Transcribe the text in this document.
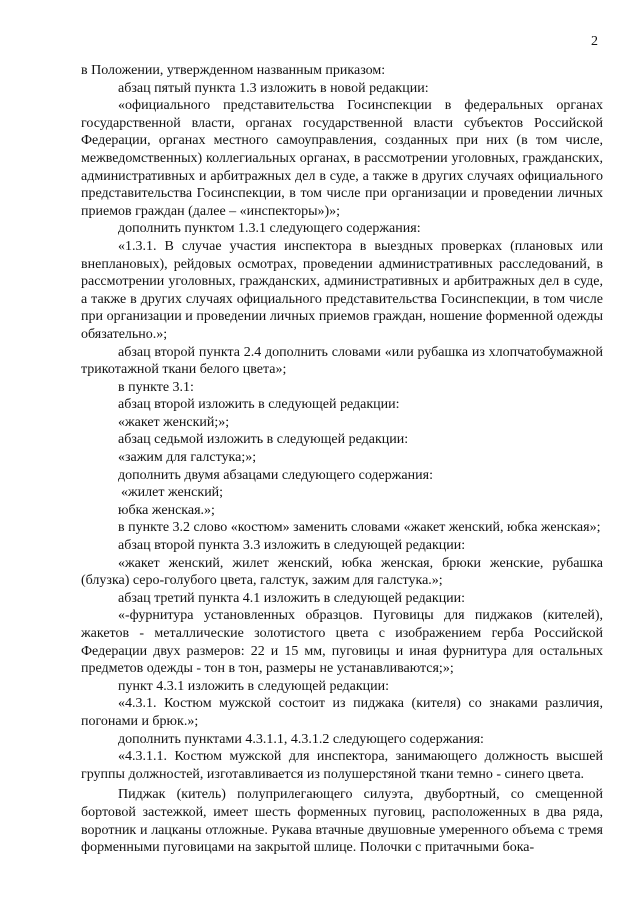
2

в Положении, утвержденном названным приказом:

абзац пятый пункта 1.3 изложить в новой редакции:

«официального представительства Госинспекции в федеральных органах государственной власти, органах государственной власти субъектов Российской Федерации, органах местного самоуправления, созданных при них (в том числе, межведомственных) коллегиальных органах, в рассмотрении уголовных, гражданских, административных и арбитражных дел в суде, а также в других случаях официального представительства Госинспекции, в том числе при организации и проведении личных приемов граждан (далее – «инспекторы»)»;

дополнить пунктом 1.3.1 следующего содержания:

«1.3.1. В случае участия инспектора в выездных проверках (плановых или внеплановых), рейдовых осмотрах, проведении административных расследований, в рассмотрении уголовных, гражданских, административных и арбитражных дел в суде, а также в других случаях официального представительства Госинспекции, в том числе при организации и проведении личных приемов граждан, ношение форменной одежды обязательно.»;

абзац второй пункта 2.4 дополнить словами «или рубашка из хлопчатобумажной трикотажной ткани белого цвета»;

в пункте 3.1:

абзац второй изложить в следующей редакции:

«жакет женский;»;

абзац седьмой изложить в следующей редакции:

«зажим для галстука;»;

дополнить двумя абзацами следующего содержания:

«жилет женский;

юбка женская.»;

в пункте 3.2 слово «костюм» заменить словами «жакет женский, юбка женская»;

абзац второй пункта 3.3 изложить в следующей редакции:

«жакет женский, жилет женский, юбка женская, брюки женские, рубашка (блузка) серо-голубого цвета, галстук, зажим для галстука.»;

абзац третий пункта 4.1 изложить в следующей редакции:

«-фурнитура установленных образцов. Пуговицы для пиджаков (кителей), жакетов - металлические золотистого цвета с изображением герба Российской Федерации двух размеров: 22 и 15 мм, пуговицы и иная фурнитура для остальных предметов одежды - тон в тон, размеры не устанавливаются;»;

пункт 4.3.1 изложить в следующей редакции:

«4.3.1. Костюм мужской состоит из пиджака (кителя) со знаками различия, погонами и брюк.»;

дополнить пунктами 4.3.1.1, 4.3.1.2 следующего содержания:

«4.3.1.1. Костюм мужской для инспектора, занимающего должность высшей группы должностей, изготавливается из полушерстяной ткани темно - синего цвета.

Пиджак (китель) полуприлегающего силуэта, двубортный, со смещенной бортовой застежкой, имеет шесть форменных пуговиц, расположенных в два ряда, воротник и лацканы отложные. Рукава втачные двушовные умеренного объема с тремя форменными пуговицами на закрытой шлице. Полочки с притачными бока-
